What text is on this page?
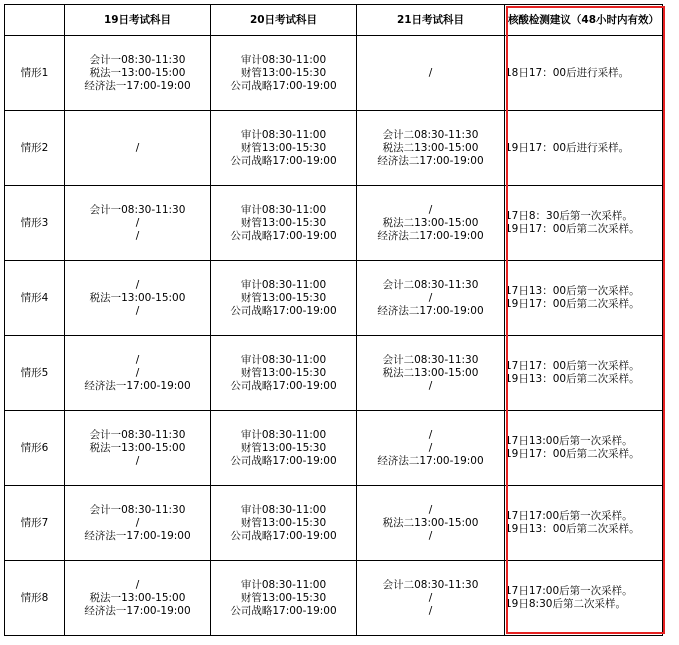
	19日考试科目	20日考试科目	21日考试科目	核酸检测建议（48小时内有效）
情形1	会计一08:30-11:30
税法一13:00-15:00
经济法一17:00-19:00	审计08:30-11:00
财管13:00-15:30
公司战略17:00-19:00	/	18日17：00后进行采样。

情形2	/	审计08:30-11:00
财管13:00-15:30
公司战略17:00-19:00	会计二08:30-11:30
税法二13:00-15:00
经济法二17:00-19:00	19日17：00后进行采样。

情形3	会计一08:30-11:30
/
/	审计08:30-11:00
财管13:00-15:30
公司战略17:00-19:00	/
税法二13:00-15:00
经济法二17:00-19:00	17日8：30后第一次采样。
19日17：00后第二次采样。

情形4	/
税法一13:00-15:00
/	审计08:30-11:00
财管13:00-15:30
公司战略17:00-19:00	会计二08:30-11:30
/
经济法二17:00-19:00	17日13：00后第一次采样。
19日17：00后第二次采样。

情形5	/
/
经济法一17:00-19:00	审计08:30-11:00
财管13:00-15:30
公司战略17:00-19:00	会计二08:30-11:30
税法二13:00-15:00
/	17日17：00后第一次采样。
19日13：00后第二次采样。

情形6	会计一08:30-11:30
税法一13:00-15:00
/	审计08:30-11:00
财管13:00-15:30
公司战略17:00-19:00	/
/
经济法二17:00-19:00	17日13:00后第一次采样。
19日17：00后第二次采样。

情形7	会计一08:30-11:30
/
经济法一17:00-19:00	审计08:30-11:00
财管13:00-15:30
公司战略17:00-19:00	/
税法二13:00-15:00
/	17日17:00后第一次采样。
19日13：00后第二次采样。

情形8	/
税法一13:00-15:00
经济法一17:00-19:00	审计08:30-11:00
财管13:00-15:30
公司战略17:00-19:00	会计二08:30-11:30
/
/	17日17:00后第一次采样。
19日8:30后第二次采样。
